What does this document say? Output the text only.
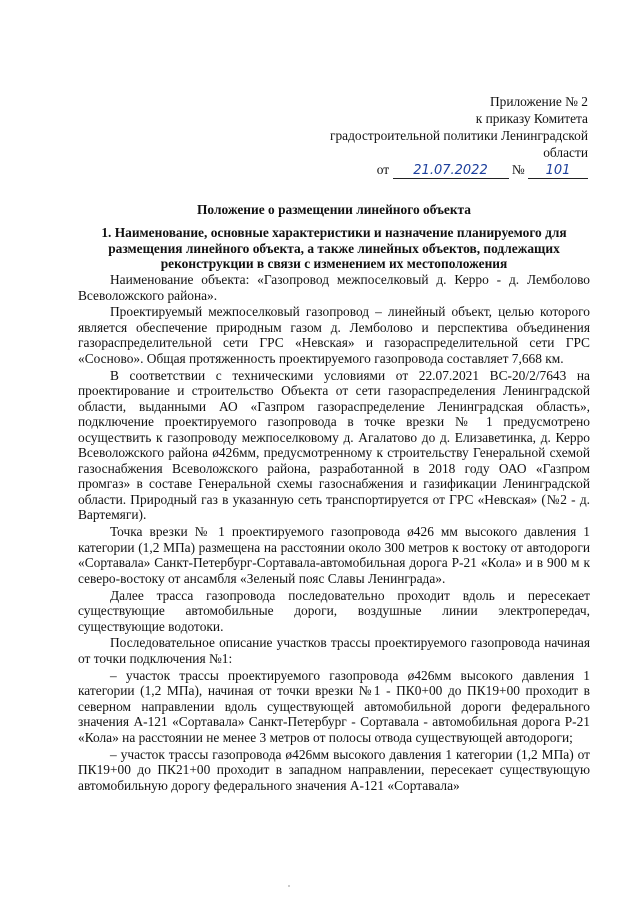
Приложение № 2
к приказу Комитета
градостроительной политики Ленинградской
области
от 21.07.2022 № 101
Положение о размещении линейного объекта
1. Наименование, основные характеристики и назначение планируемого для размещения линейного объекта, а также линейных объектов, подлежащих реконструкции в связи с изменением их местоположения

Наименование объекта: «Газопровод межпоселковый д. Керро - д. Лемболово Всеволожского района».

Проектируемый межпоселковый газопровод – линейный объект, целью которого является обеспечение природным газом д. Лемболово и перспектива объединения газораспределительной сети ГРС «Невская» и газораспределительной сети ГРС «Сосново». Общая протяженность проектируемого газопровода составляет 7,668 км.

В соответствии с техническими условиями от 22.07.2021 ВС-20/2/7643 на проектирование и строительство Объекта от сети газораспределения Ленинградской области, выданными АО «Газпром газораспределение Ленинградская область», подключение проектируемого газопровода в точке врезки № 1 предусмотрено осуществить к газопроводу межпоселковому д. Агалатово до д. Елизаветинка, д. Керро Всеволожского района ø426мм, предусмотренному к строительству Генеральной схемой газоснабжения Всеволожского района, разработанной в 2018 году ОАО «Газпром промгаз» в составе Генеральной схемы газоснабжения и газификации Ленинградской области. Природный газ в указанную сеть транспортируется от ГРС «Невская» (№2 - д. Вартемяги).

Точка врезки № 1 проектируемого газопровода ø426 мм высокого давления 1 категории (1,2 МПа) размещена на расстоянии около 300 метров к востоку от автодороги «Сортавала» Санкт-Петербург-Сортавала-автомобильная дорога Р-21 «Кола» и в 900 м к северо-востоку от ансамбля «Зеленый пояс Славы Ленинграда».

Далее трасса газопровода последовательно проходит вдоль и пересекает существующие автомобильные дороги, воздушные линии электропередач, существующие водотоки.

Последовательное описание участков трассы проектируемого газопровода начиная от точки подключения №1:

– участок трассы проектируемого газопровода ø426мм высокого давления 1 категории (1,2 МПа), начиная от точки врезки №1 - ПК0+00 до ПК19+00 проходит в северном направлении вдоль существующей автомобильной дороги федерального значения А-121 «Сортавала» Санкт-Петербург - Сортавала - автомобильная дорога Р-21 «Кола» на расстоянии не менее 3 метров от полосы отвода существующей автодороги;

– участок трассы газопровода ø426мм высокого давления 1 категории (1,2 МПа) от ПК19+00 до ПК21+00 проходит в западном направлении, пересекает существующую автомобильную дорогу федерального значения А-121 «Сортавала»
